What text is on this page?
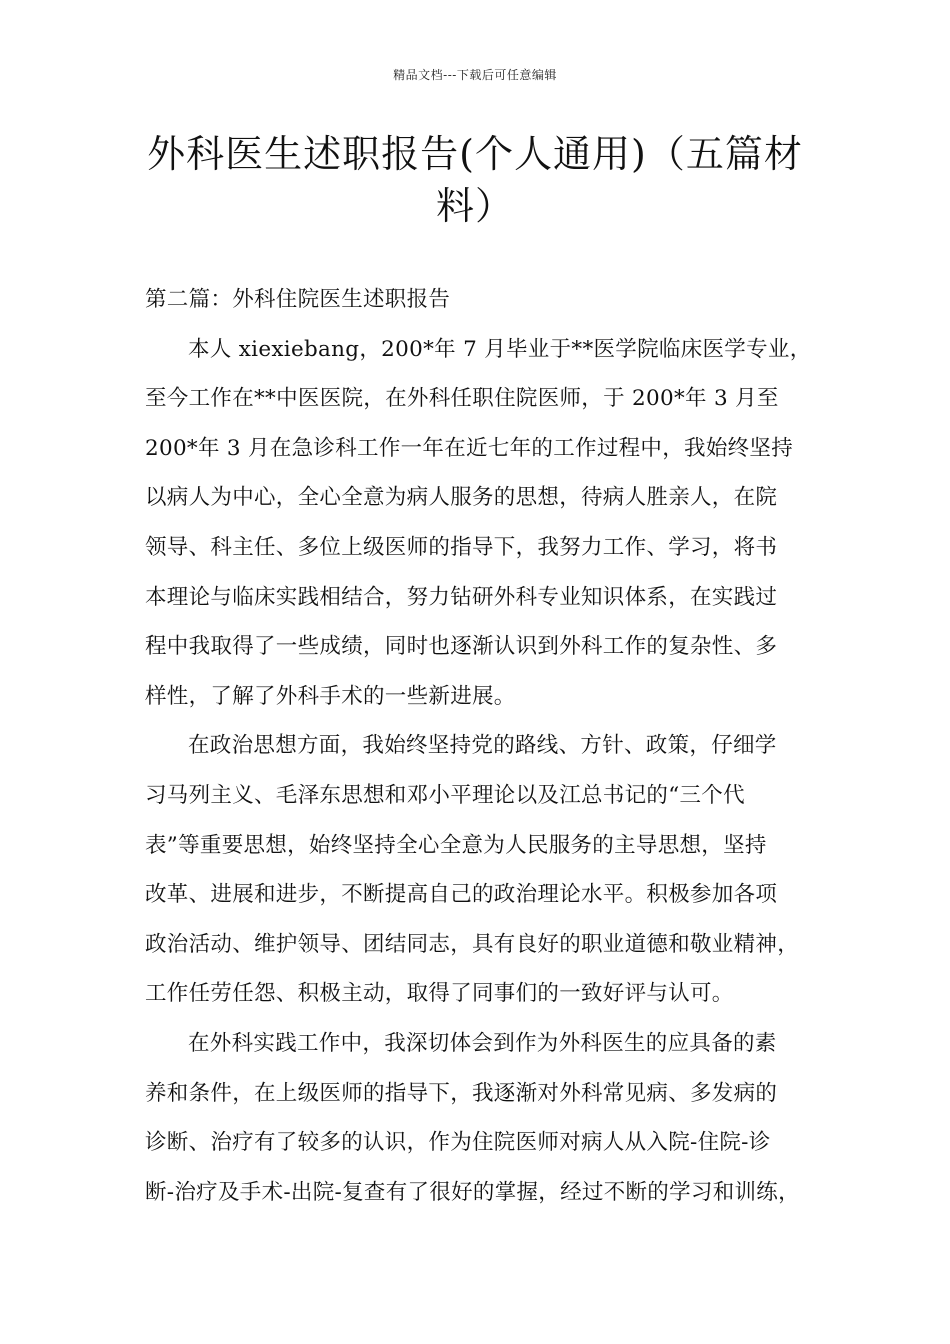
精品文档---下载后可任意编辑
外科医生述职报告(个人通用)（五篇材料）
第二篇：外科住院医生述职报告
本人 xiexiebang，200*年 7 月毕业于**医学院临床医学专业，
至今工作在**中医医院，在外科任职住院医师，于 200*年 3 月至
200*年 3 月在急诊科工作一年在近七年的工作过程中，我始终坚持
以病人为中心，全心全意为病人服务的思想，待病人胜亲人，在院
领导、科主任、多位上级医师的指导下，我努力工作、学习，将书
本理论与临床实践相结合，努力钻研外科专业知识体系，在实践过
程中我取得了一些成绩，同时也逐渐认识到外科工作的复杂性、多
样性，了解了外科手术的一些新进展。
在政治思想方面，我始终坚持党的路线、方针、政策，仔细学
习马列主义、毛泽东思想和邓小平理论以及江总书记的“三个代
表”等重要思想，始终坚持全心全意为人民服务的主导思想，坚持
改革、进展和进步，不断提高自己的政治理论水平。积极参加各项
政治活动、维护领导、团结同志，具有良好的职业道德和敬业精神，
工作任劳任怨、积极主动，取得了同事们的一致好评与认可。
在外科实践工作中，我深切体会到作为外科医生的应具备的素
养和条件，在上级医师的指导下，我逐渐对外科常见病、多发病的
诊断、治疗有了较多的认识，作为住院医师对病人从入院-住院-诊
断-治疗及手术-出院-复查有了很好的掌握，经过不断的学习和训练，
